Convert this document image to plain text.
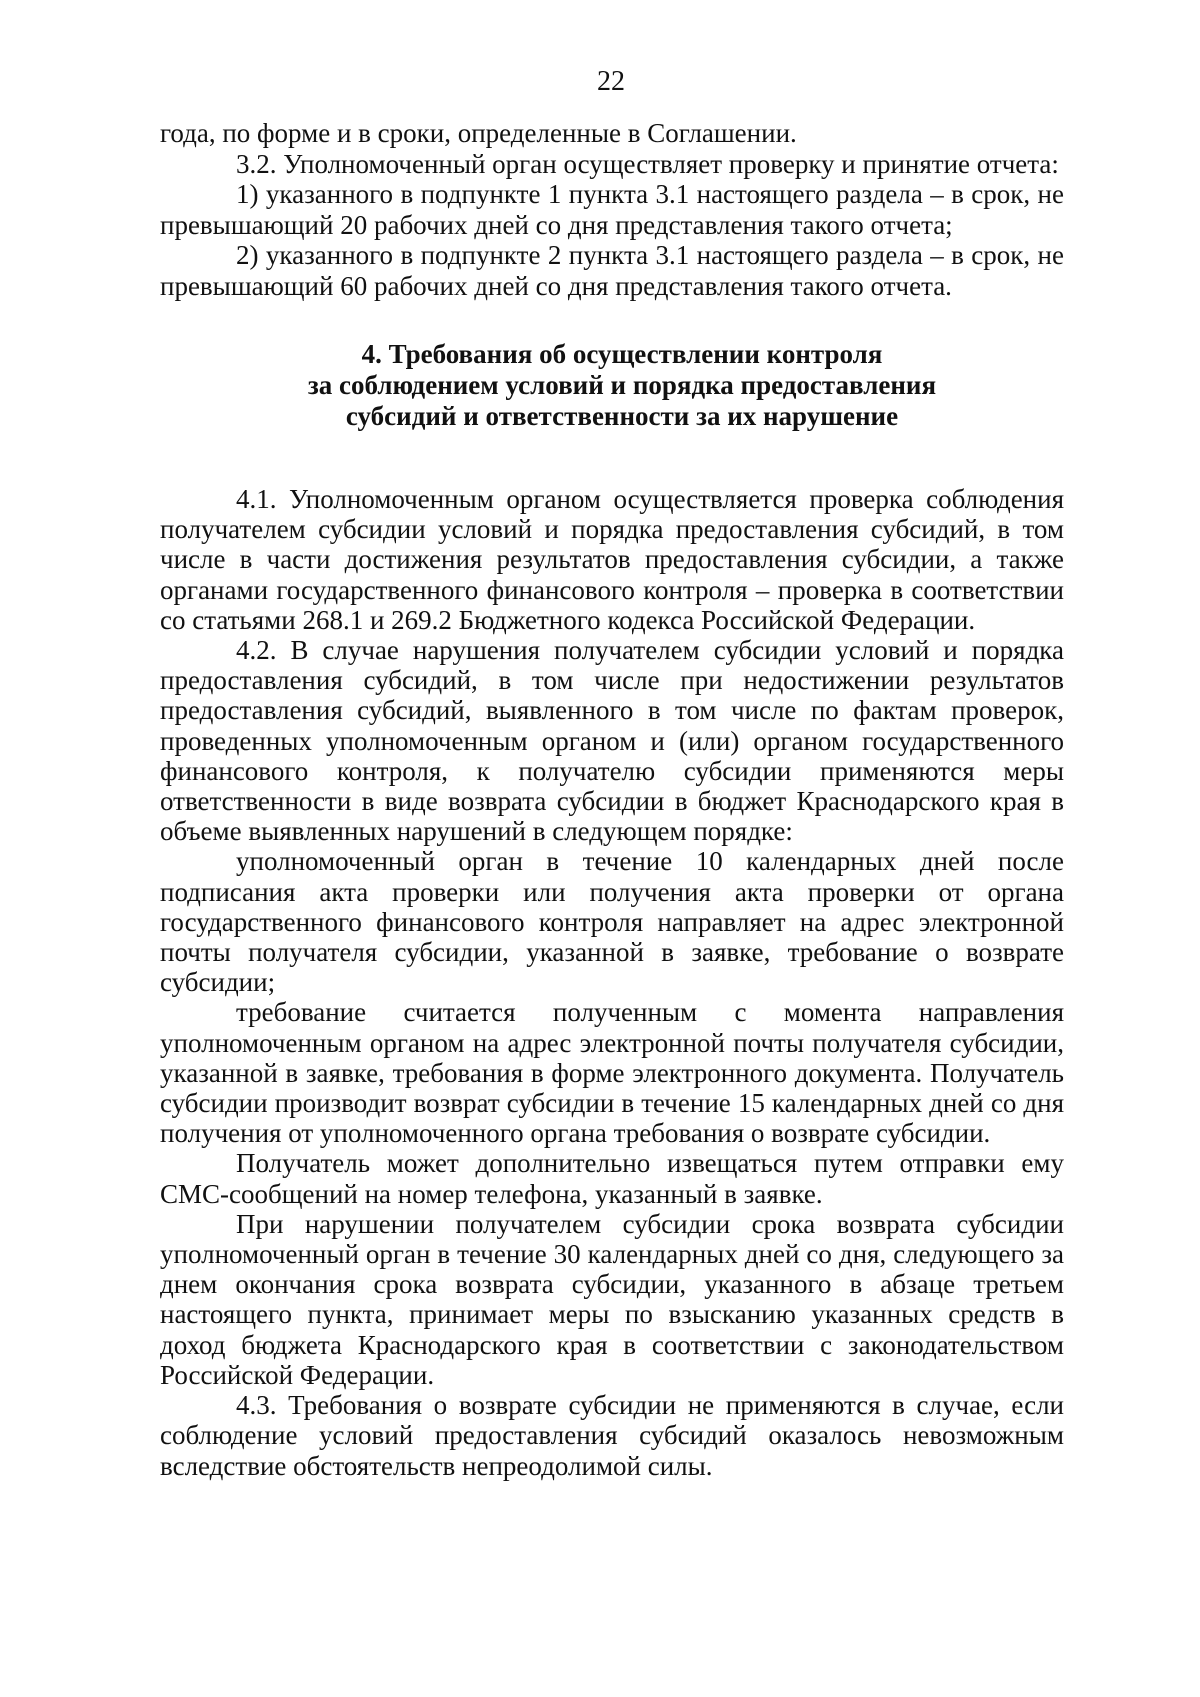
22

года, по форме и в сроки, определенные в Соглашении.

3.2. Уполномоченный орган осуществляет проверку и принятие отчета:

1) указанного в подпункте 1 пункта 3.1 настоящего раздела – в срок, не превышающий 20 рабочих дней со дня представления такого отчета;

2) указанного в подпункте 2 пункта 3.1 настоящего раздела – в срок, не превышающий 60 рабочих дней со дня представления такого отчета.

4. Требования об осуществлении контроля
за соблюдением условий и порядка предоставления
субсидий и ответственности за их нарушение

4.1. Уполномоченным органом осуществляется проверка соблюдения получателем субсидии условий и порядка предоставления субсидий, в том числе в части достижения результатов предоставления субсидии, а также органами государственного финансового контроля – проверка в соответствии со статьями 268.1 и 269.2 Бюджетного кодекса Российской Федерации.

4.2. В случае нарушения получателем субсидии условий и порядка предоставления субсидий, в том числе при недостижении результатов предоставления субсидий, выявленного в том числе по фактам проверок, проведенных уполномоченным органом и (или) органом государственного финансового контроля, к получателю субсидии применяются меры ответственности в виде возврата субсидии в бюджет Краснодарского края в объеме выявленных нарушений в следующем порядке:

уполномоченный орган в течение 10 календарных дней после подписания акта проверки или получения акта проверки от органа государственного финансового контроля направляет на адрес электронной почты получателя субсидии, указанной в заявке, требование о возврате субсидии;

требование считается полученным с момента направления уполномоченным органом на адрес электронной почты получателя субсидии, указанной в заявке, требования в форме электронного документа. Получатель субсидии производит возврат субсидии в течение 15 календарных дней со дня получения от уполномоченного органа требования о возврате субсидии.

Получатель может дополнительно извещаться путем отправки ему СМС-сообщений на номер телефона, указанный в заявке.

При нарушении получателем субсидии срока возврата субсидии уполномоченный орган в течение 30 календарных дней со дня, следующего за днем окончания срока возврата субсидии, указанного в абзаце третьем настоящего пункта, принимает меры по взысканию указанных средств в доход бюджета Краснодарского края в соответствии с законодательством Российской Федерации.

4.3. Требования о возврате субсидии не применяются в случае, если соблюдение условий предоставления субсидий оказалось невозможным вследствие обстоятельств непреодолимой силы.
